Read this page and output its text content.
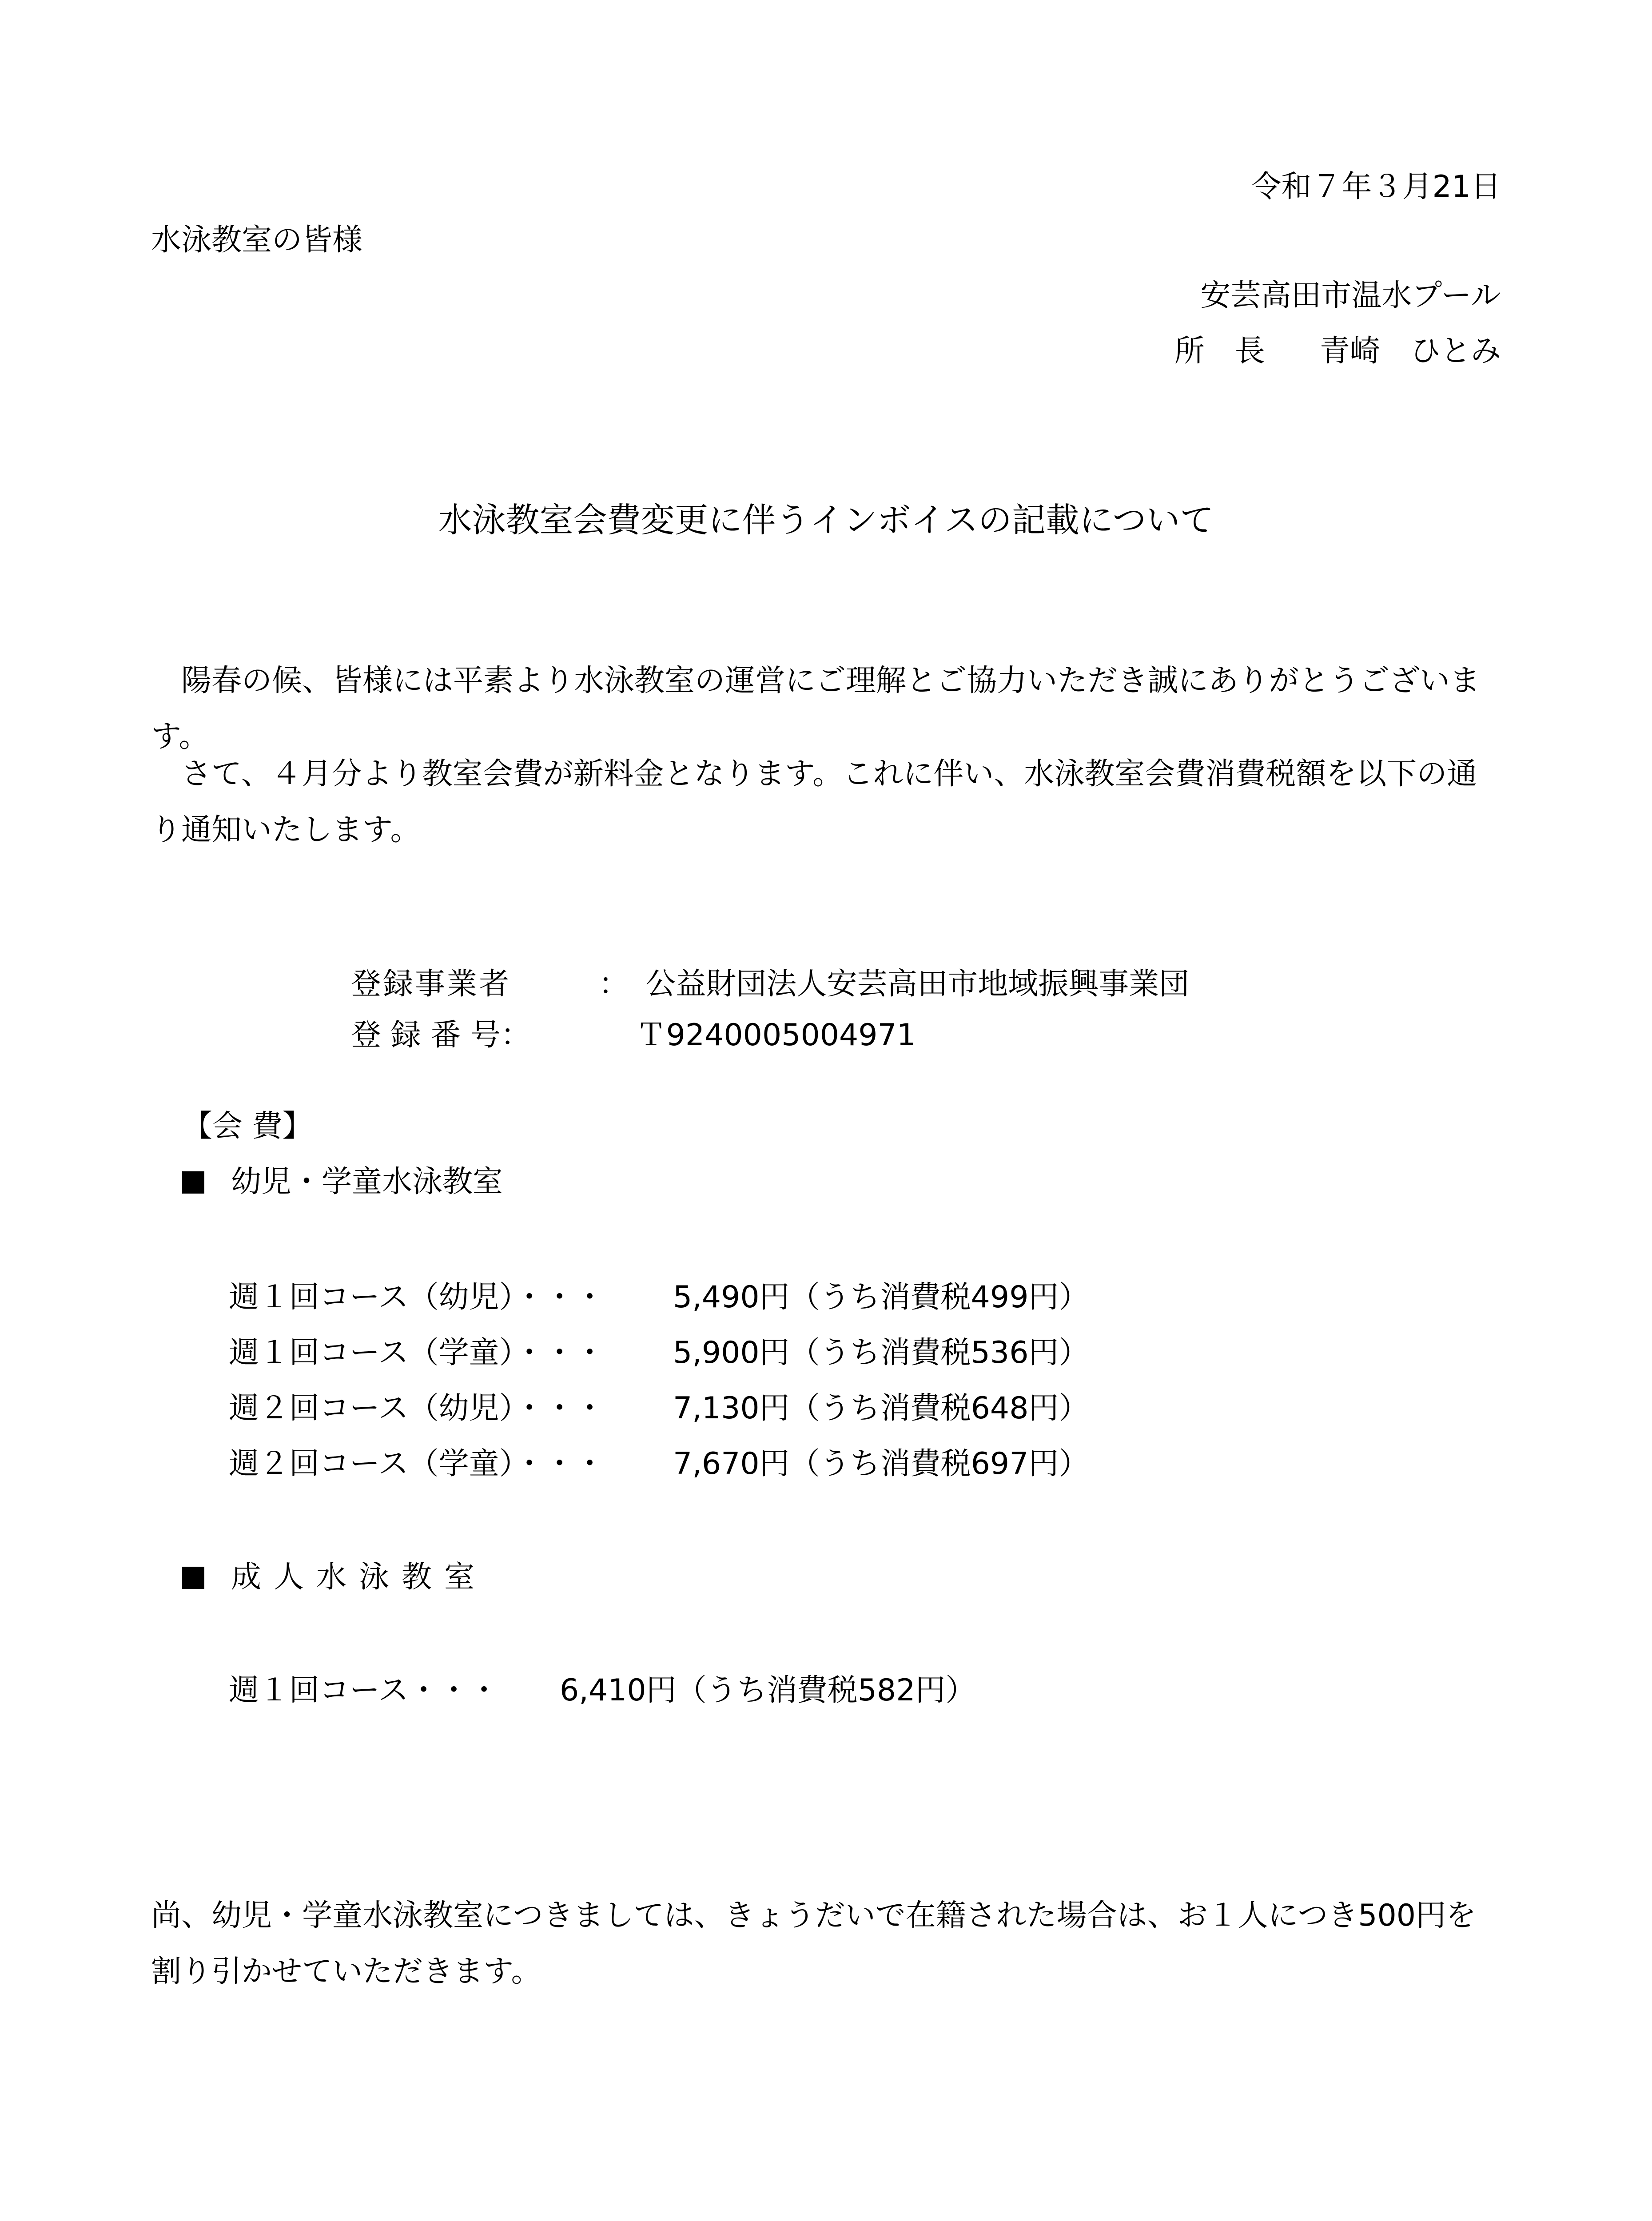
令和７年３月21日
水泳教室の皆様
安芸高田市温水プール
所　長 青崎　ひとみ
水泳教室会費変更に伴うインボイスの記載について
　陽春の候、皆様には平素より水泳教室の運営にご理解とご協力いただき誠にありがとうございます。
　さて、４月分より教室会費が新料金となります。これに伴い、水泳教室会費消費税額を以下の通り通知いたします。
登録事業者	： 公益財団法人安芸高田市地域振興事業団
登 録 番 号：	Ｔ9240005004971
【会 費】
幼児・学童水泳教室
週１回コース（幼児）・・・ 5,490円（うち消費税499円）
週１回コース（学童）・・・ 5,900円（うち消費税536円）
週２回コース（幼児）・・・ 7,130円（うち消費税648円）
週２回コース（学童）・・・ 7,670円（うち消費税697円）
成人水泳教室
週１回コース・・・ 6,410円（うち消費税582円）
尚、幼児・学童水泳教室につきましては、きょうだいで在籍された場合は、お１人につき500円を割り引かせていただきます。
